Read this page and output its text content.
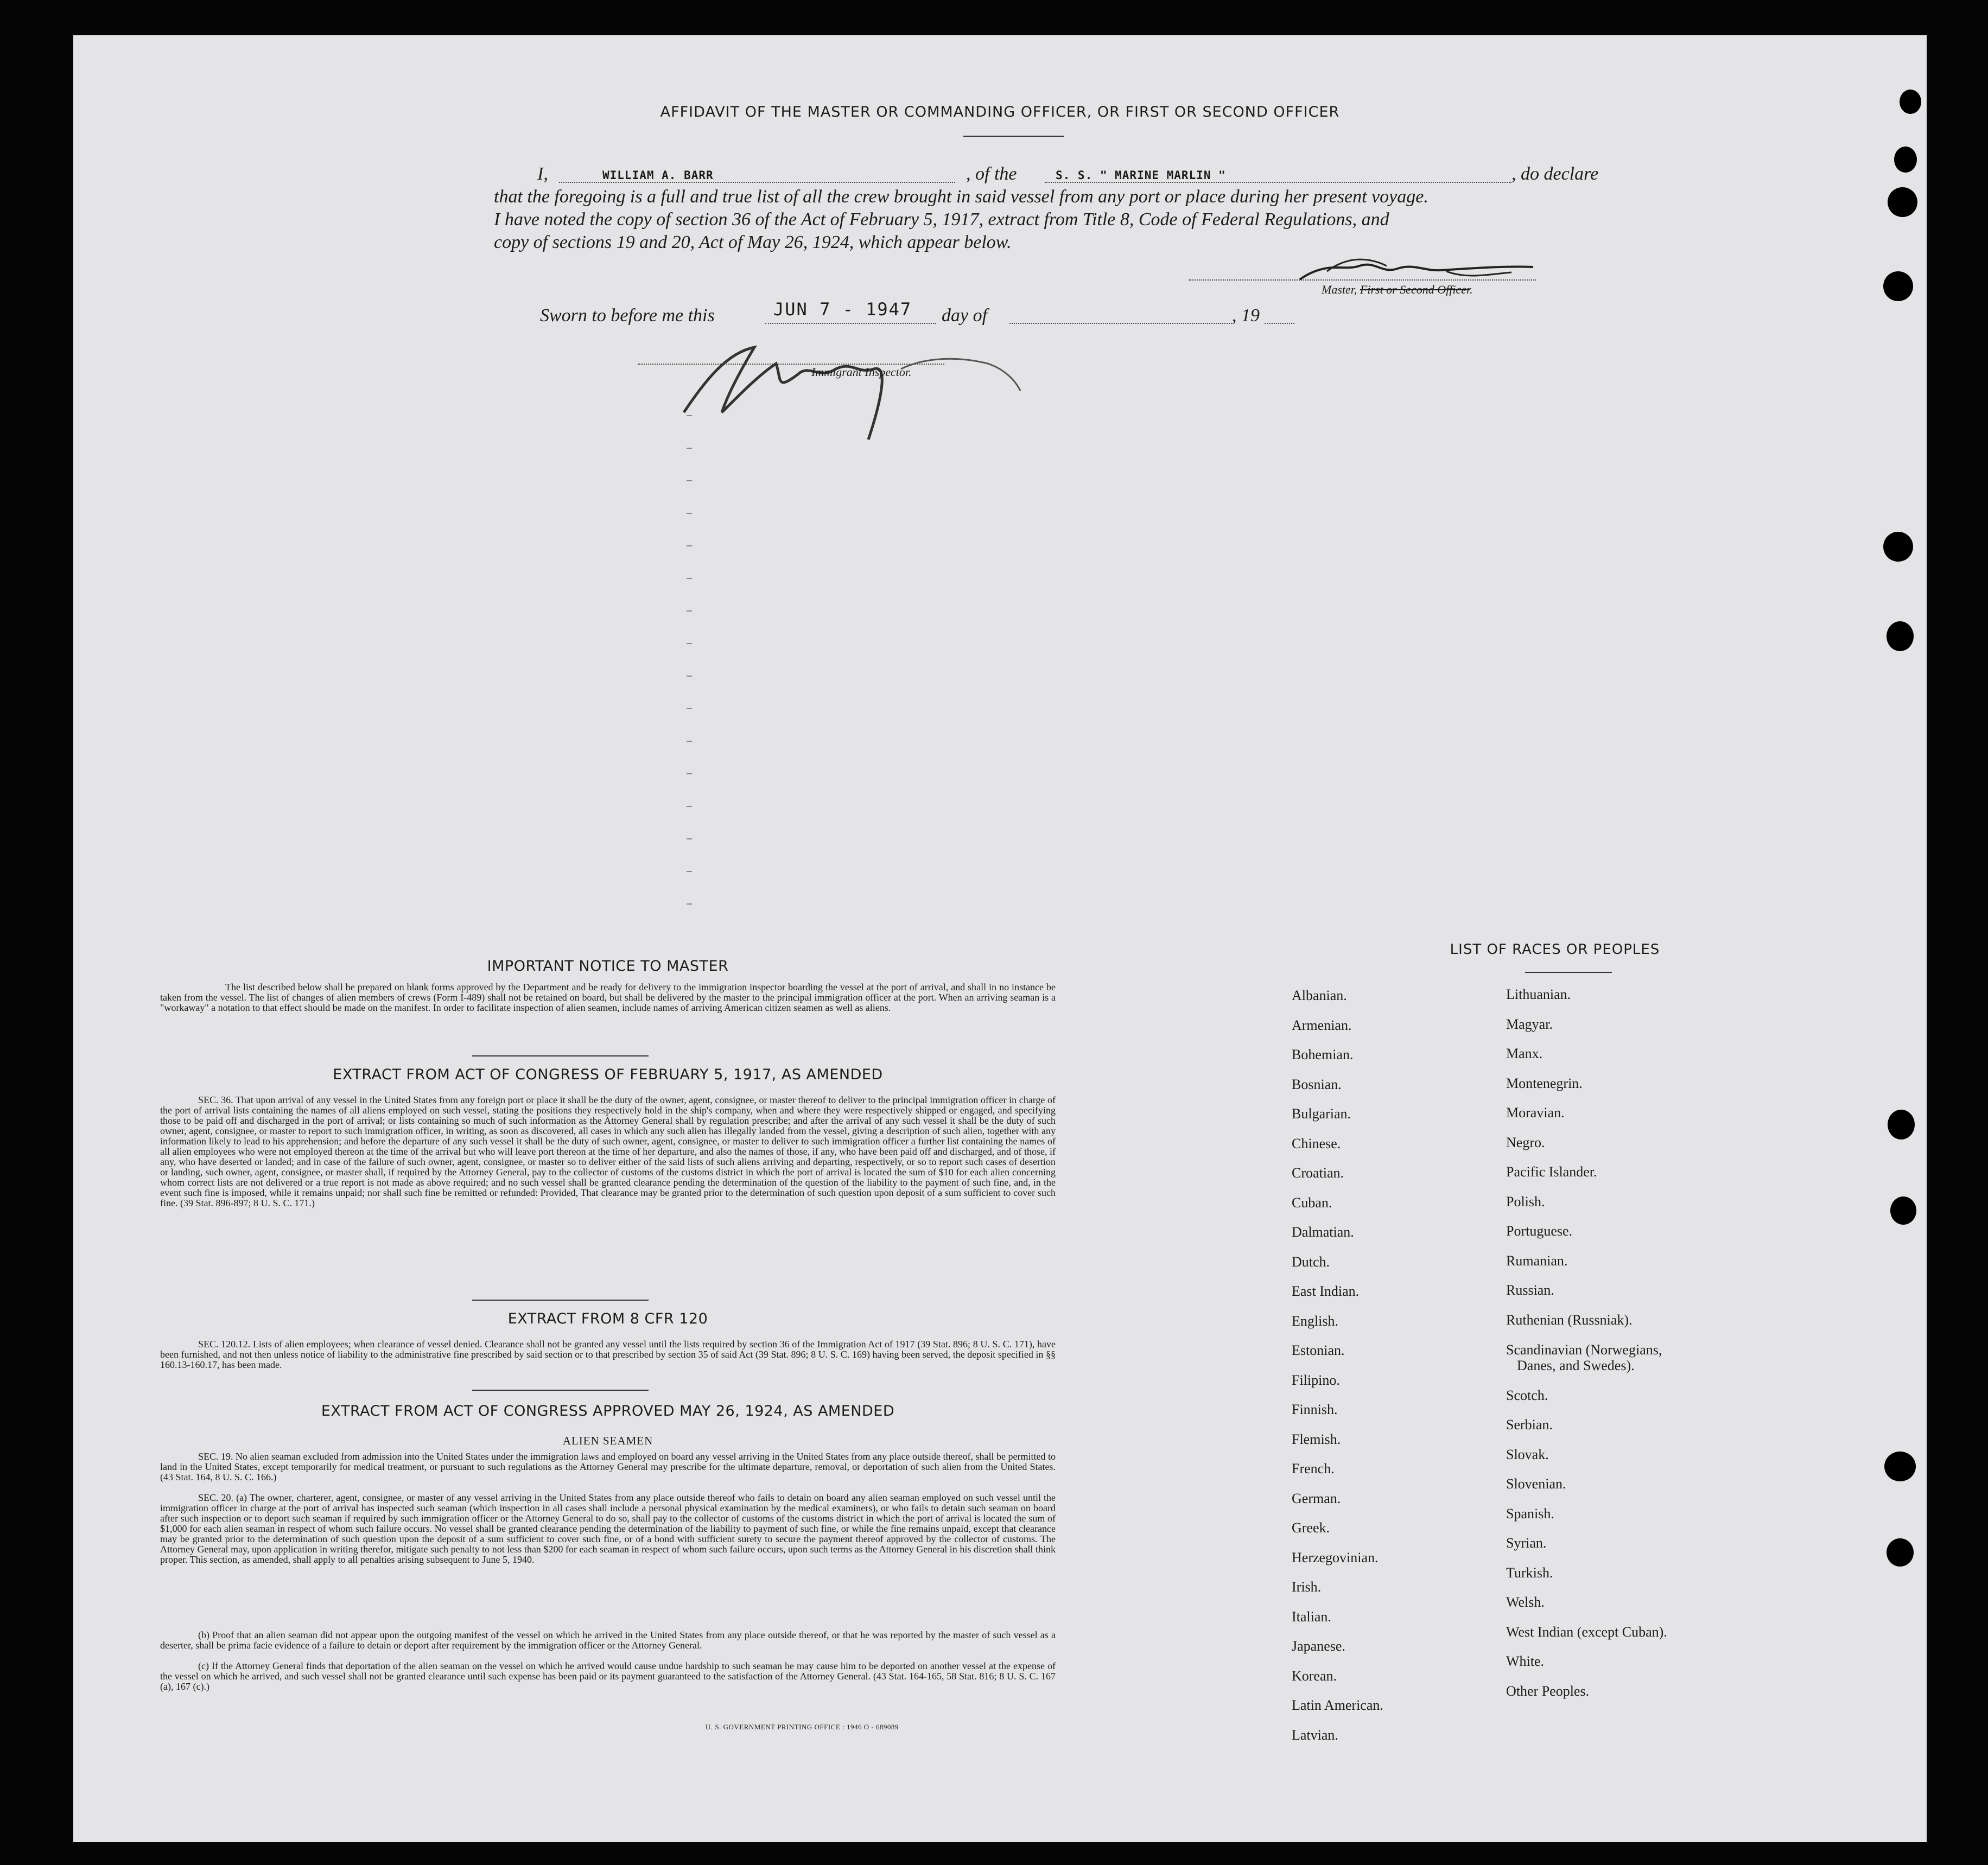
AFFIDAVIT OF THE MASTER OR COMMANDING OFFICER, OR FIRST OR SECOND OFFICER
I,	WILLIAM A. BARR	, of the	S. S. " MARINE MARLIN "	, do declare
that the foregoing is a full and true list of all the crew brought in said vessel from any port or place during her present voyage.
I have noted the copy of section 36 of the Act of February 5, 1917, extract from Title 8, Code of Federal Regulations, and
copy of sections 19 and 20, Act of May 26, 1924, which appear below.
Master, First or Second Officer.
Sworn to before me this	JUN 7 - 1947 day of	, 19
Immigrant Inspector.
IMPORTANT NOTICE TO MASTER
The list described below shall be prepared on blank forms approved by the Department and be ready for delivery to the immigration inspector boarding the vessel at the port of arrival, and shall in no instance be taken from the vessel. The list of changes of alien members of crews (Form I-489) shall not be retained on board, but shall be delivered by the master to the principal immigration officer at the port. When an arriving seaman is a "workaway" a notation to that effect should be made on the manifest. In order to facilitate inspection of alien seamen, include names of arriving American citizen seamen as well as aliens.
EXTRACT FROM ACT OF CONGRESS OF FEBRUARY 5, 1917, AS AMENDED
SEC. 36. That upon arrival of any vessel in the United States from any foreign port or place it shall be the duty of the owner, agent, consignee, or master thereof to deliver to the principal immigration officer in charge of the port of arrival lists containing the names of all aliens employed on such vessel, stating the positions they respectively hold in the ship's company, when and where they were respectively shipped or engaged, and specifying those to be paid off and discharged in the port of arrival; or lists containing so much of such information as the Attorney General shall by regulation prescribe; and after the arrival of any such vessel it shall be the duty of such owner, agent, consignee, or master to report to such immigration officer, in writing, as soon as discovered, all cases in which any such alien has illegally landed from the vessel, giving a description of such alien, together with any information likely to lead to his apprehension; and before the departure of any such vessel it shall be the duty of such owner, agent, consignee, or master to deliver to such immigration officer a further list containing the names of all alien employees who were not employed thereon at the time of the arrival but who will leave port thereon at the time of her departure, and also the names of those, if any, who have been paid off and discharged, and of those, if any, who have deserted or landed; and in case of the failure of such owner, agent, consignee, or master so to deliver either of the said lists of such aliens arriving and departing, respectively, or so to report such cases of desertion or landing, such owner, agent, consignee, or master shall, if required by the Attorney General, pay to the collector of customs of the customs district in which the port of arrival is located the sum of $10 for each alien concerning whom correct lists are not delivered or a true report is not made as above required; and no such vessel shall be granted clearance pending the determination of the question of the liability to the payment of such fine, and, in the event such fine is imposed, while it remains unpaid; nor shall such fine be remitted or refunded: Provided, That clearance may be granted prior to the determination of such question upon deposit of a sum sufficient to cover such fine. (39 Stat. 896-897; 8 U. S. C. 171.)
EXTRACT FROM 8 CFR 120
SEC. 120.12. Lists of alien employees; when clearance of vessel denied. Clearance shall not be granted any vessel until the lists required by section 36 of the Immigration Act of 1917 (39 Stat. 896; 8 U. S. C. 171), have been furnished, and not then unless notice of liability to the administrative fine prescribed by said section or to that prescribed by section 35 of said Act (39 Stat. 896; 8 U. S. C. 169) having been served, the deposit specified in §§ 160.13-160.17, has been made.
EXTRACT FROM ACT OF CONGRESS APPROVED MAY 26, 1924, AS AMENDED
ALIEN SEAMEN
SEC. 19. No alien seaman excluded from admission into the United States under the immigration laws and employed on board any vessel arriving in the United States from any place outside thereof, shall be permitted to land in the United States, except temporarily for medical treatment, or pursuant to such regulations as the Attorney General may prescribe for the ultimate departure, removal, or deportation of such alien from the United States. (43 Stat. 164, 8 U. S. C. 166.)
SEC. 20. (a) The owner, charterer, agent, consignee, or master of any vessel arriving in the United States from any place outside thereof who fails to detain on board any alien seaman employed on such vessel until the immigration officer in charge at the port of arrival has inspected such seaman (which inspection in all cases shall include a personal physical examination by the medical examiners), or who fails to detain such seaman on board after such inspection or to deport such seaman if required by such immigration officer or the Attorney General to do so, shall pay to the collector of customs of the customs district in which the port of arrival is located the sum of $1,000 for each alien seaman in respect of whom such failure occurs. No vessel shall be granted clearance pending the determination of the liability to payment of such fine, or while the fine remains unpaid, except that clearance may be granted prior to the determination of such question upon the deposit of a sum sufficient to cover such fine, or of a bond with sufficient surety to secure the payment thereof approved by the collector of customs. The Attorney General may, upon application in writing therefor, mitigate such penalty to not less than $200 for each seaman in respect of whom such failure occurs, upon such terms as the Attorney General in his discretion shall think proper. This section, as amended, shall apply to all penalties arising subsequent to June 5, 1940.
(b) Proof that an alien seaman did not appear upon the outgoing manifest of the vessel on which he arrived in the United States from any place outside thereof, or that he was reported by the master of such vessel as a deserter, shall be prima facie evidence of a failure to detain or deport after requirement by the immigration officer or the Attorney General.
(c) If the Attorney General finds that deportation of the alien seaman on the vessel on which he arrived would cause undue hardship to such seaman he may cause him to be deported on another vessel at the expense of the vessel on which he arrived, and such vessel shall not be granted clearance until such expense has been paid or its payment guaranteed to the satisfaction of the Attorney General. (43 Stat. 164-165, 58 Stat. 816; 8 U. S. C. 167 (a), 167 (c).)
U. S. GOVERNMENT PRINTING OFFICE : 1946 O - 689089
LIST OF RACES OR PEOPLES
Albanian.
Armenian.
Bohemian.
Bosnian.
Bulgarian.
Chinese.
Croatian.
Cuban.
Dalmatian.
Dutch.
East Indian.
English.
Estonian.
Filipino.
Finnish.
Flemish.
French.
German.
Greek.
Herzegovinian.
Irish.
Italian.
Japanese.
Korean.
Latin American.
Latvian.
Lithuanian.
Magyar.
Manx.
Montenegrin.
Moravian.
Negro.
Pacific Islander.
Polish.
Portuguese.
Rumanian.
Russian.
Ruthenian (Russniak).
Scandinavian (Norwegians,
Danes, and Swedes).
Scotch.
Serbian.
Slovak.
Slovenian.
Spanish.
Syrian.
Turkish.
Welsh.
West Indian (except Cuban).
White.
Other Peoples.
